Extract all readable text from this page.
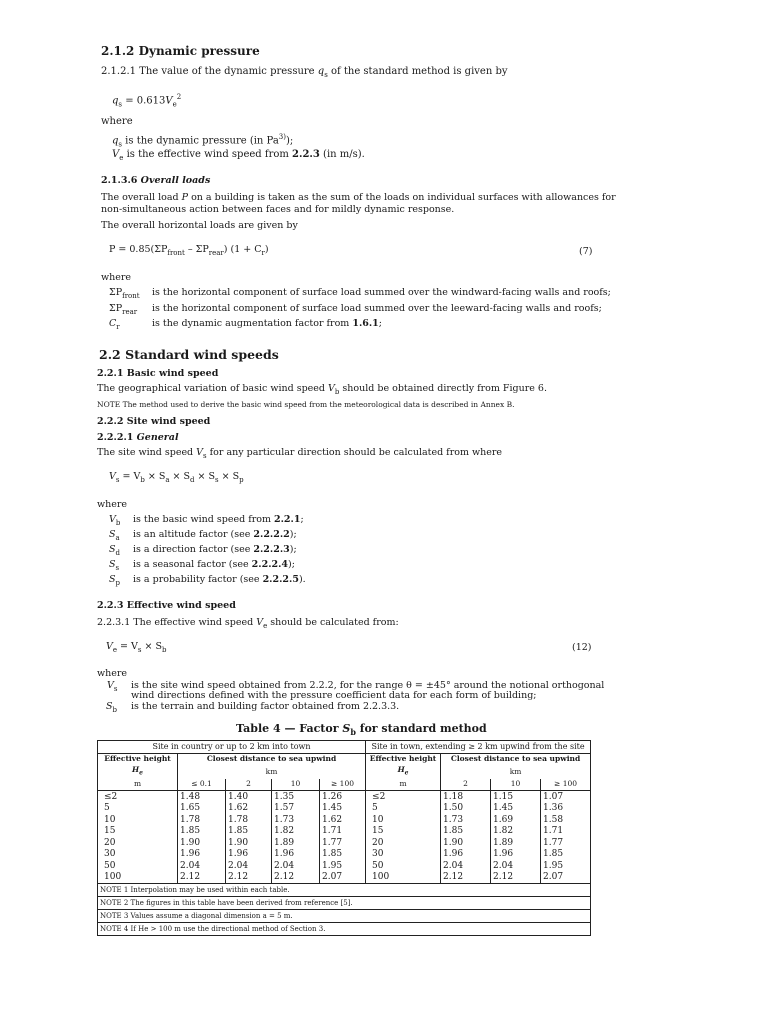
2.1.2 Dynamic pressure
2.1.2.1 The value of the dynamic pressure $q_s$ of the standard method is given by
$q_s = 0.613V_e^2$
where
$q_s$ is the dynamic pressure (in Pa$^{3)}$);
$V_e$ is the effective wind speed from 2.2.3 (in m/s).
2.1.3.6 Overall loads
The overall load P on a building is taken as the sum of the loads on individual surfaces with allowances for
non-simultaneous action between faces and for mildly dynamic response.
The overall horizontal loads are given by
$P = 0.85(\Sigma P_{front} - \Sigma P_{rear}) (1 + C_r)$	(7)
where
$\Sigma P_{front}$ is the horizontal component of surface load summed over the windward-facing walls and roofs;
$\Sigma P_{rear}$ is the horizontal component of surface load summed over the leeward-facing walls and roofs;
$C_r$	is the dynamic augmentation factor from 1.6.1;
2.2 Standard wind speeds
2.2.1 Basic wind speed
The geographical variation of basic wind speed $V_b$ should be obtained directly from Figure 6.
NOTE The method used to derive the basic wind speed from the meteorological data is described in Annex B.
2.2.2 Site wind speed
2.2.2.1 General
The site wind speed $V_s$ for any particular direction should be calculated from where
$V_s = V_b \times S_a \times S_d \times S_s \times S_p$
where
$V_b$ is the basic wind speed from 2.2.1;
$S_a$ is an altitude factor (see 2.2.2.2);
$S_d$ is a direction factor (see 2.2.2.3);
$S_s$ is a seasonal factor (see 2.2.2.4);
$S_p$ is a probability factor (see 2.2.2.5).
2.2.3 Effective wind speed
2.2.3.1 The effective wind speed $V_e$ should be calculated from:
$V_e = V_s \times S_b$	(12)
where
$V_s$ is the site wind speed obtained from 2.2.2, for the range θ = ±45° around the notional orthogonal
wind directions defined with the pressure coefficient data for each form of building;
$S_b$ is the terrain and building factor obtained from 2.2.3.3.
Table 4 — Factor $S_b$ for standard method
Site in country or up to 2 km into town					Site in town, extending ≥ 2 km upwind from the site			
Effective height	Closest distance to sea upwind				Effective height	Closest distance to sea upwind		
$H_e$	km				$H_e$	km		
m	≤ 0.1	2	10	≥ 100	m	2	10	≥ 100
≤2	1.48	1.40	1.35	1.26	≤2	1.18	1.15	1.07
5	1.65	1.62	1.57	1.45	5	1.50	1.45	1.36
10	1.78	1.78	1.73	1.62	10	1.73	1.69	1.58
15	1.85	1.85	1.82	1.71	15	1.85	1.82	1.71
20	1.90	1.90	1.89	1.77	20	1.90	1.89	1.77
30	1.96	1.96	1.96	1.85	30	1.96	1.96	1.85
50	2.04	2.04	2.04	1.95	50	2.04	2.04	1.95
100	2.12	2.12	2.12	2.07	100	2.12	2.12	2.07
NOTE 1 Interpolation may be used within each table.								
NOTE 2 The figures in this table have been derived from reference [5].								
NOTE 3 Values assume a diagonal dimension a = 5 m.								
NOTE 4 If He > 100 m use the directional method of Section 3.								
